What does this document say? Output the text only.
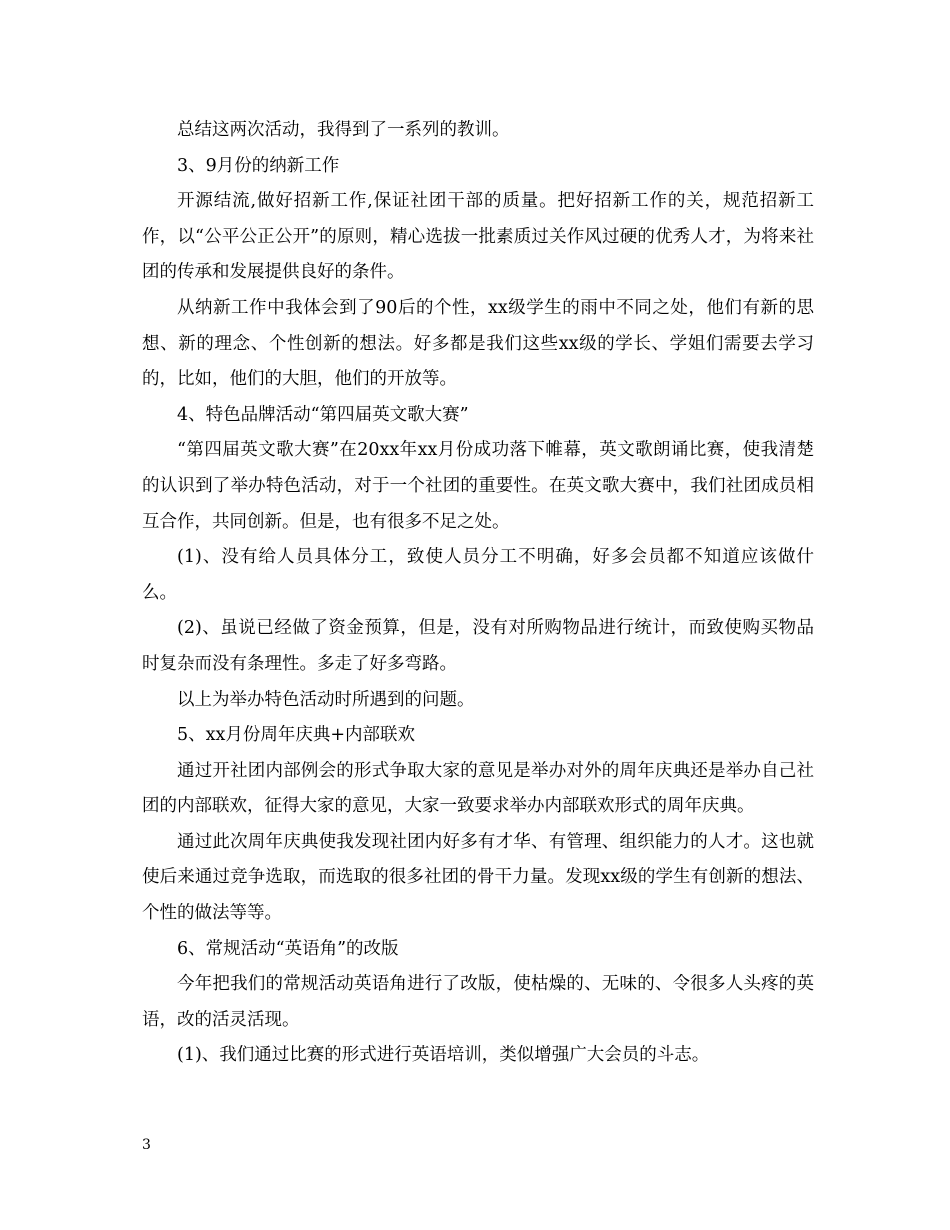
总结这两次活动，我得到了一系列的教训。

3、9月份的纳新工作

开源结流,做好招新工作,保证社团干部的质量。把好招新工作的关，规范招新工作，以“公平公正公开”的原则，精心选拔一批素质过关作风过硬的优秀人才，为将来社团的传承和发展提供良好的条件。

从纳新工作中我体会到了90后的个性，xx级学生的雨中不同之处，他们有新的思想、新的理念、个性创新的想法。好多都是我们这些xx级的学长、学姐们需要去学习的，比如，他们的大胆，他们的开放等。

4、特色品牌活动“第四届英文歌大赛”

“第四届英文歌大赛”在20xx年xx月份成功落下帷幕，英文歌朗诵比赛，使我清楚的认识到了举办特色活动，对于一个社团的重要性。在英文歌大赛中，我们社团成员相互合作，共同创新。但是，也有很多不足之处。

(1)、没有给人员具体分工，致使人员分工不明确，好多会员都不知道应该做什么。

(2)、虽说已经做了资金预算，但是，没有对所购物品进行统计，而致使购买物品时复杂而没有条理性。多走了好多弯路。

以上为举办特色活动时所遇到的问题。

5、xx月份周年庆典+内部联欢

通过开社团内部例会的形式争取大家的意见是举办对外的周年庆典还是举办自己社团的内部联欢，征得大家的意见，大家一致要求举办内部联欢形式的周年庆典。

通过此次周年庆典使我发现社团内好多有才华、有管理、组织能力的人才。这也就使后来通过竞争选取，而选取的很多社团的骨干力量。发现xx级的学生有创新的想法、个性的做法等等。

6、常规活动“英语角”的改版

今年把我们的常规活动英语角进行了改版，使枯燥的、无味的、令很多人头疼的英语，改的活灵活现。

(1)、我们通过比赛的形式进行英语培训，类似增强广大会员的斗志。

3
